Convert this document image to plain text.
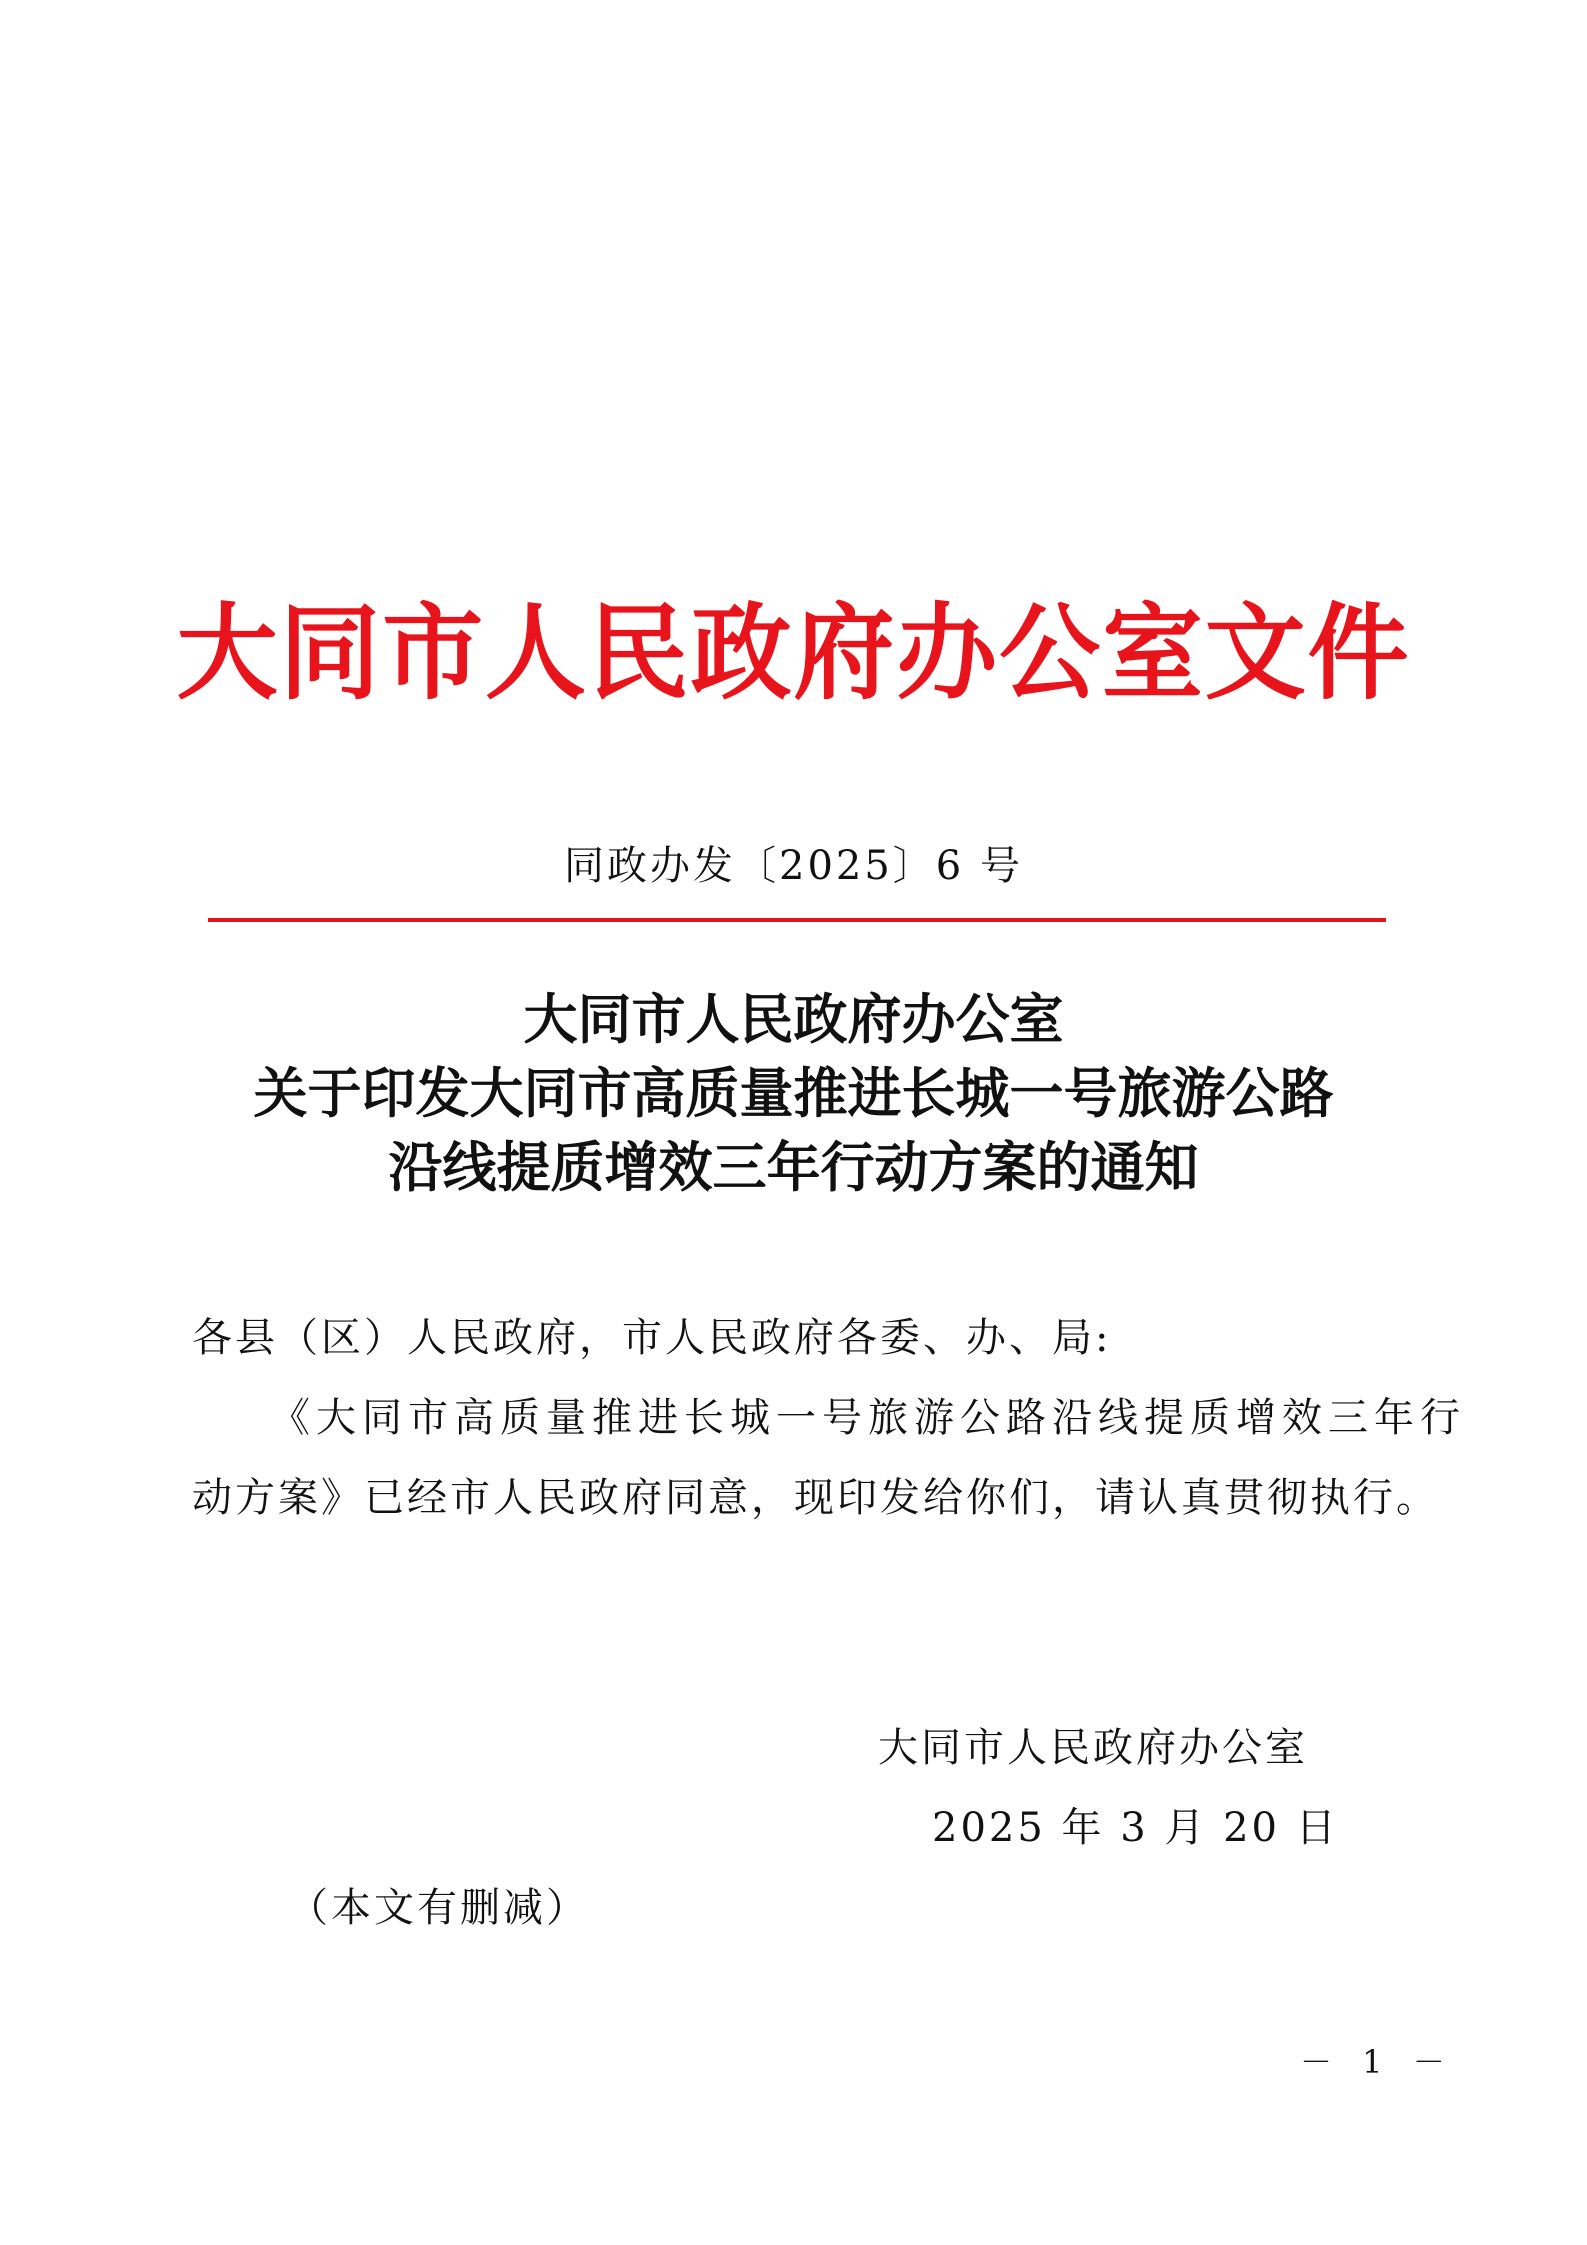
大同市人民政府办公室文件
同政办发〔2025〕6 号
大同市人民政府办公室
关于印发大同市高质量推进长城一号旅游公路
沿线提质增效三年行动方案的通知
各县（区）人民政府，市人民政府各委、办、局:
《大同市高质量推进长城一号旅游公路沿线提质增效三年行
动方案》已经市人民政府同意，现印发给你们，请认真贯彻执行。
大同市人民政府办公室
2025 年 3 月 20 日
（本文有删减）
－ 1 －
